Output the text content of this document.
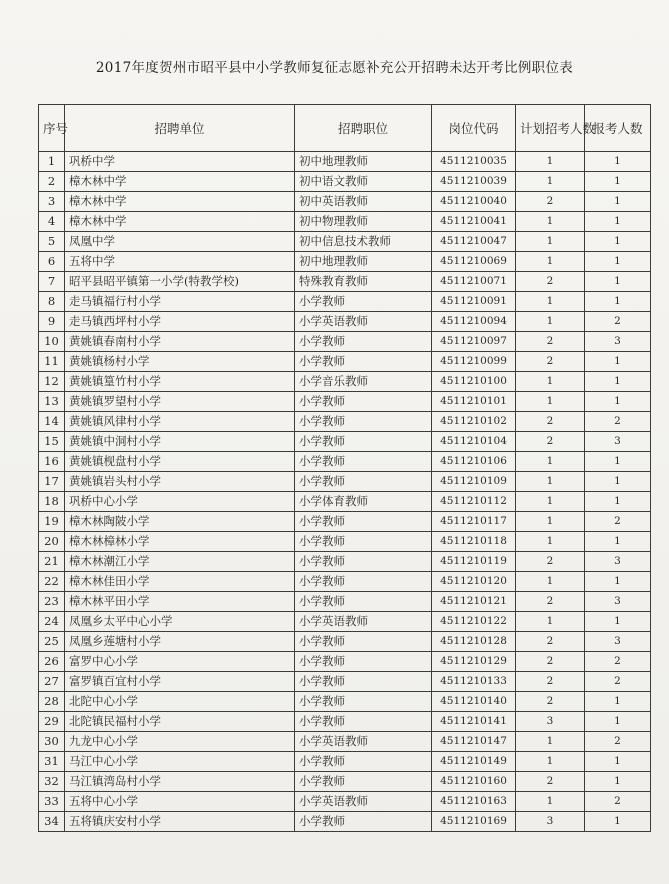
2017年度贺州市昭平县中小学教师复征志愿补充公开招聘未达开考比例职位表
序号	招聘单位	招聘职位	岗位代码	计划招考人数	报考人数
1	巩桥中学	初中地理教师	4511210035	1	1
2	樟木林中学	初中语文教师	4511210039	1	1
3	樟木林中学	初中英语教师	4511210040	2	1
4	樟木林中学	初中物理教师	4511210041	1	1
5	凤凰中学	初中信息技术教师	4511210047	1	1
6	五将中学	初中地理教师	4511210069	1	1
7	昭平县昭平镇第一小学(特教学校)	特殊教育教师	4511210071	2	1
8	走马镇福行村小学	小学教师	4511210091	1	1
9	走马镇西坪村小学	小学英语教师	4511210094	1	2
10	黄姚镇春南村小学	小学教师	4511210097	2	3
11	黄姚镇杨村小学	小学教师	4511210099	2	1
12	黄姚镇篁竹村小学	小学音乐教师	4511210100	1	1
13	黄姚镇罗望村小学	小学教师	4511210101	1	1
14	黄姚镇风律村小学	小学教师	4511210102	2	2
15	黄姚镇中洞村小学	小学教师	4511210104	2	3
16	黄姚镇枧盘村小学	小学教师	4511210106	1	1
17	黄姚镇岩头村小学	小学教师	4511210109	1	1
18	巩桥中心小学	小学体育教师	4511210112	1	1
19	樟木林陶陂小学	小学教师	4511210117	1	2
20	樟木林樟林小学	小学教师	4511210118	1	1
21	樟木林潮江小学	小学教师	4511210119	2	3
22	樟木林佳田小学	小学教师	4511210120	1	1
23	樟木林平田小学	小学教师	4511210121	2	3
24	凤凰乡太平中心小学	小学英语教师	4511210122	1	1
25	凤凰乡莲塘村小学	小学教师	4511210128	2	3
26	富罗中心小学	小学教师	4511210129	2	2
27	富罗镇百宜村小学	小学教师	4511210133	2	2
28	北陀中心小学	小学教师	4511210140	2	1
29	北陀镇民福村小学	小学教师	4511210141	3	1
30	九龙中心小学	小学英语教师	4511210147	1	2
31	马江中心小学	小学教师	4511210149	1	1
32	马江镇湾岛村小学	小学教师	4511210160	2	1
33	五将中心小学	小学英语教师	4511210163	1	2
34	五将镇庆安村小学	小学教师	4511210169	3	1
